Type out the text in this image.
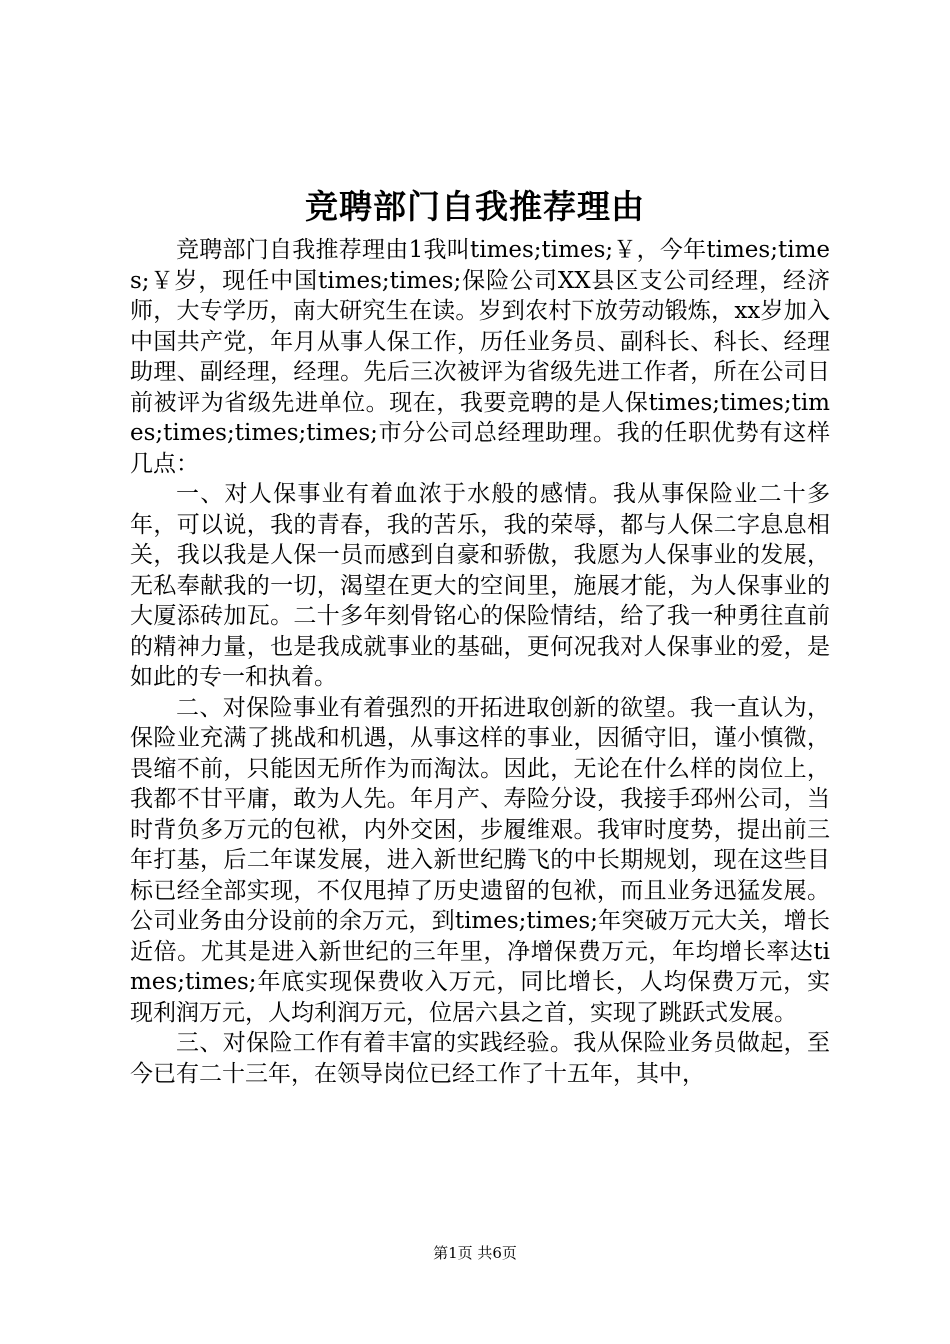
竞聘部门自我推荐理由

竞聘部门自我推荐理由1我叫times;times;￥，今年times;times;￥岁，现任中国times;times;保险公司XX县区支公司经理，经济师，大专学历，南大研究生在读。岁到农村下放劳动锻炼，xx岁加入中国共产党，年月从事人保工作，历任业务员、副科长、科长、经理助理、副经理，经理。先后三次被评为省级先进工作者，所在公司日前被评为省级先进单位。现在，我要竞聘的是人保times;times;times;times;times;times;市分公司总经理助理。我的任职优势有这样几点：

一、对人保事业有着血浓于水般的感情。我从事保险业二十多年，可以说，我的青春，我的苦乐，我的荣辱，都与人保二字息息相关，我以我是人保一员而感到自豪和骄傲，我愿为人保事业的发展，无私奉献我的一切，渴望在更大的空间里，施展才能，为人保事业的大厦添砖加瓦。二十多年刻骨铭心的保险情结，给了我一种勇往直前的精神力量，也是我成就事业的基础，更何况我对人保事业的爱，是如此的专一和执着。

二、对保险事业有着强烈的开拓进取创新的欲望。我一直认为，保险业充满了挑战和机遇，从事这样的事业，因循守旧，谨小慎微，畏缩不前，只能因无所作为而淘汰。因此，无论在什么样的岗位上，我都不甘平庸，敢为人先。年月产、寿险分设，我接手邳州公司，当时背负多万元的包袱，内外交困，步履维艰。我审时度势，提出前三年打基，后二年谋发展，进入新世纪腾飞的中长期规划，现在这些目标已经全部实现，不仅甩掉了历史遗留的包袱，而且业务迅猛发展。公司业务由分设前的余万元，到times;times;年突破万元大关，增长近倍。尤其是进入新世纪的三年里，净增保费万元，年均增长率达times;times;年底实现保费收入万元，同比增长，人均保费万元，实现利润万元，人均利润万元，位居六县之首，实现了跳跃式发展。

三、对保险工作有着丰富的实践经验。我从保险业务员做起，至今已有二十三年，在领导岗位已经工作了十五年，其中，

第1页 共6页
